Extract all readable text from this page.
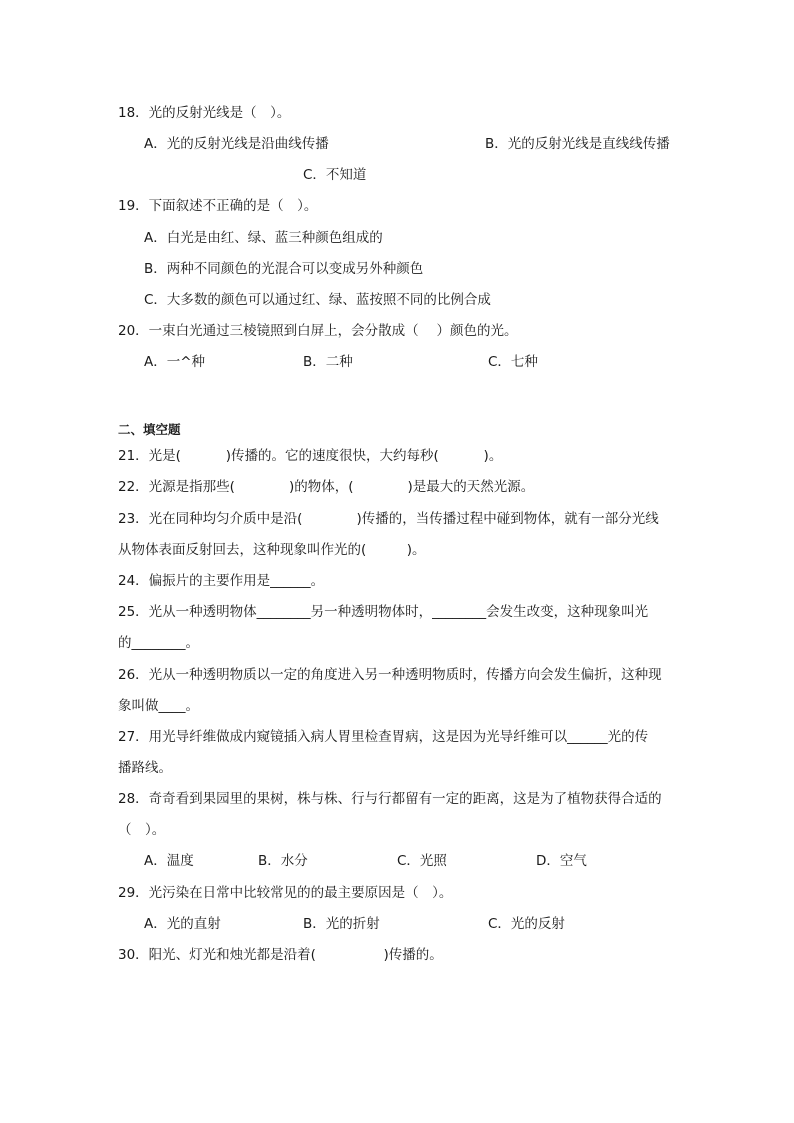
18．光的反射光线是（　）。
A．光的反射光线是沿曲线传播	B．光的反射光线是直线线传播
C．不知道
19．下面叙述不正确的是（　）。
A．白光是由红、绿、蓝三种颜色组成的
B．两种不同颜色的光混合可以变成另外种颜色
C．大多数的颜色可以通过红、绿、蓝按照不同的比例合成
20．一束白光通过三棱镜照到白屏上，会分散成（　 ）颜色的光。
A．一^种	B．二种	C．七种
二、填空题
21．光是(　　　 )传播的。它的速度很快，大约每秒(　　　 )。
22．光源是指那些(　　　　)的物体，(　　　　)是最大的天然光源。
23．光在同种均匀介质中是沿(　　　　)传播的，当传播过程中碰到物体，就有一部分光线
从物体表面反射回去，这种现象叫作光的(　　　)。
24．偏振片的主要作用是______。
25．光从一种透明物体________另一种透明物体时，________会发生改变，这种现象叫光
的________。
26．光从一种透明物质以一定的角度进入另一种透明物质时，传播方向会发生偏折，这种现
象叫做____。
27．用光导纤维做成内窥镜插入病人胃里检查胃病，这是因为光导纤维可以______光的传
播路线。
28．奇奇看到果园里的果树，株与株、行与行都留有一定的距离，这是为了植物获得合适的
（　）。
A．温度	B．水分	C．光照	D．空气
29．光污染在日常中比较常见的的最主要原因是（　）。
A．光的直射	B．光的折射	C．光的反射
30．阳光、灯光和烛光都是沿着(　　　　　)传播的。
